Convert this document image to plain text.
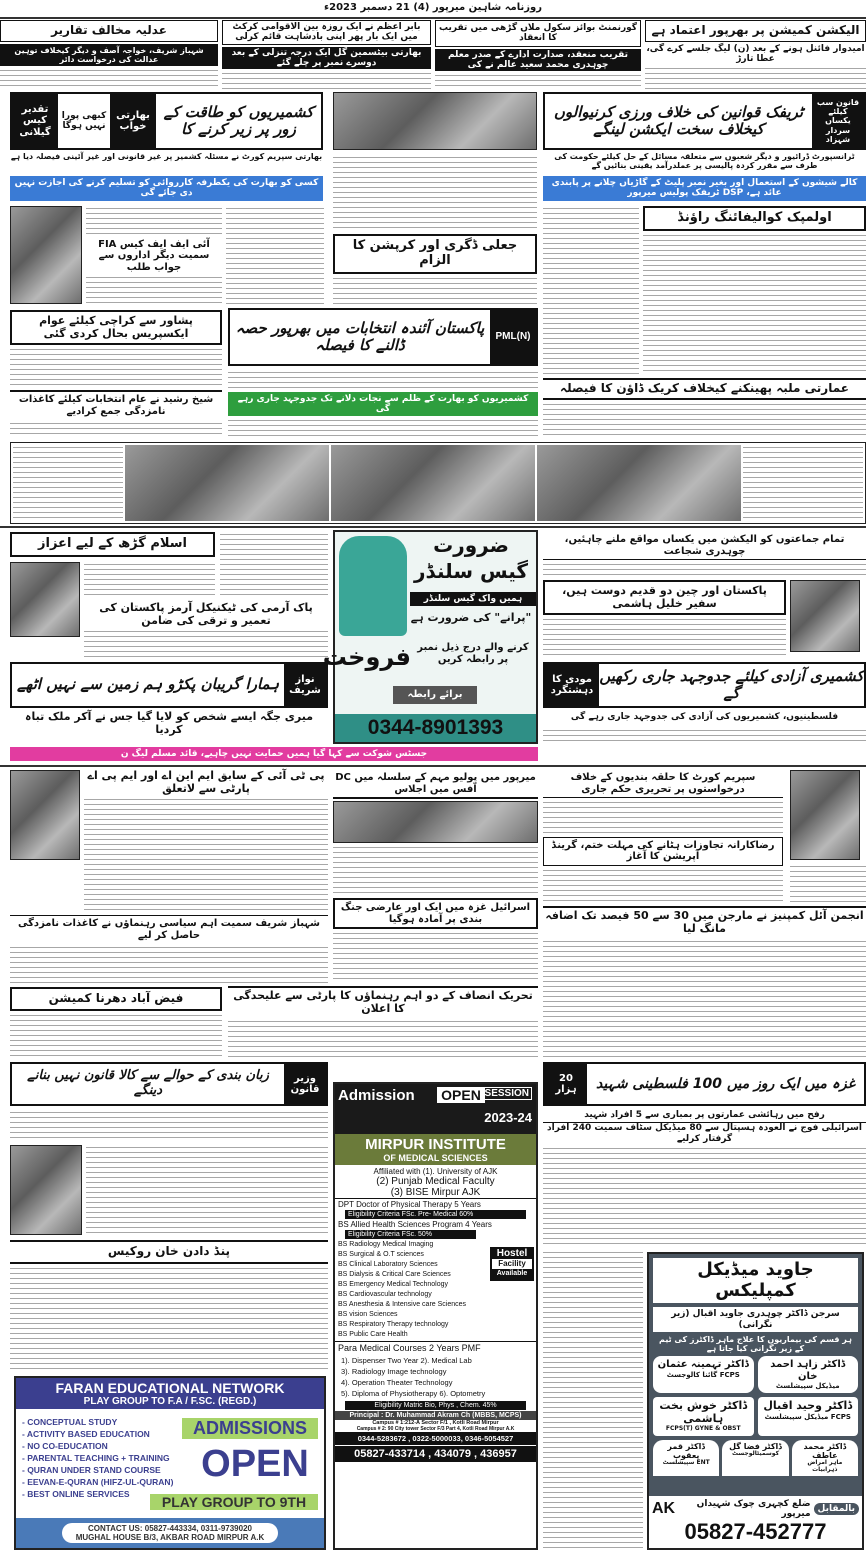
روزنامہ شاہین میرپور (4) 21 دسمبر 2023ء
الیکشن کمیشن پر بھرپور اعتماد ہے
امیدوار فائنل ہونے کے بعد (ن) لیگ جلسے کرے گی، عطا تارڑ
گورنمنٹ بوائز سکول ملاں گڑھی میں تقریب کا انعقاد
تقریب منعقد، صدارت ادارے کے صدر معلم چوہدری محمد سعید عالم نے کی
بابر اعظم نے ایک روزہ بین الاقوامی کرکٹ میں ایک بار پھر اپنی بادشاہت قائم کرلی
بھارتی بیٹسمین گل ایک درجہ تنزلی کے بعد دوسرے نمبر پر چلے گئے
عدلیہ مخالف تقاریر
شہباز شریف، خواجہ آصف و دیگر کیخلاف توہین عدالت کی درخواست دائر
قانون سب کیلئے یکساں
سردار شہزاد
ٹریفک قوانین کی خلاف ورزی کرنیوالوں کیخلاف سخت ایکشن لینگے
کشمیریوں کو طاقت کے زور پر زیر کرنے کا
بھارتی خواب
کبھی پورا نہیں ہوگا
تقدیر کیس گیلانی
ٹرانسپورٹ ڈرائیور و دیگر شعبوں سے متعلقہ مسائل کے حل کیلئے حکومت کی طرف سے مقرر کردہ پالیسی پر عملدرآمد یقینی بنائیں گے
بھارتی سپریم کورٹ نے مسئلہ کشمیر پر غیر قانونی اور غیر آئینی فیصلہ دیا ہے
کالے شیشوں کے استعمال اور بغیر نمبر پلیٹ کے گاڑیاں چلانے پر پابندی عائد ہے، DSP ٹریفک پولیس میرپور
کسی کو بھارت کی یکطرفہ کارروائی کو تسلیم کرنے کی اجازت نہیں دی جائے گی
اولمپک کوالیفائنگ راؤنڈ
عمارتی ملبہ پھینکنے کیخلاف کریک ڈاؤن کا فیصلہ
جعلی ڈگری اور کرپشن کا الزام
PML(N)
پاکستان آئندہ انتخابات میں بھرپور حصہ ڈالنے کا فیصلہ
کشمیریوں کو بھارت کے ظلم سے نجات دلانے تک جدوجہد جاری رہے گی
آئی ایف ایف کیس FIA سمیت دیگر اداروں سے جواب طلب
پشاور سے کراچی کیلئے عوام ایکسپریس بحال کردی گئی
شیخ رشید نے عام انتخابات کیلئے کاغذات نامزدگی جمع کرادیے
اسلام گڑھ کے لیے اعزاز
پاک آرمی کی ٹیکنیکل آرمز پاکستان کی تعمیر و ترقی کی ضامن
ضرورت
گیس سلنڈر
ہمیں واک گیس سلنڈر
"پرانے" کی ضرورت ہے
فروخت کرنے والے درج ذیل نمبر پر رابطہ کریں
برائے رابطہ
0344-8901393
تمام جماعتوں کو الیکشن میں یکساں مواقع ملنے چاہئیں، چوہدری شجاعت
پاکستان اور چین دو قدیم دوست ہیں، سفیر خلیل ہاشمی
نواز شریف
ہمارا گریبان پکڑو ہم زمین سے نہیں اٹھے	کشمیری آزادی کیلئے جدوجہد جاری رکھیں گے
مودی کا دہشتگرد
میری جگہ ایسے شخص کو لایا گیا جس نے آکر ملک تباہ کردیا
فلسطینیوں، کشمیریوں کی آزادی کی جدوجہد جاری رہے گی
جسٹس شوکت سے کہا گیا ہمیں حمایت نہیں چاہیے، قائد مسلم لیگ ن
میرپور میں پولیو مہم کے سلسلہ میں DC آفس میں اجلاس
اسرائیل غزہ میں ایک اور عارضی جنگ بندی پر آمادہ ہوگیا
تحریک انصاف کے دو اہم رہنماؤں کا پارٹی سے علیحدگی کا اعلان
پی ٹی آئی کے سابق ایم این اے اور ایم پی اے پارٹی سے لاتعلق
شہباز شریف سمیت اہم سیاسی رہنماؤں نے کاغذات نامزدگی حاصل کر لیے
فیض آباد دھرنا کمیشن
سپریم کورٹ کا حلقہ بندیوں کے خلاف درخواستوں پر تحریری حکم جاری
رضاکارانہ تجاوزات ہٹانے کی مہلت ختم، گرینڈ آپریشن کا آغاز
انجمن آئل کمپنیز نے مارجن میں 30 سے 50 فیصد تک اضافہ مانگ لیا
وزیر قانون
زبان بندی کے حوالے سے کالا قانون نہیں بنانے دینگے	غزہ میں ایک روز میں 100 فلسطینی شہید
20 ہزار
رفح میں رہائشی عمارتوں پر بمباری سے 5 افراد شہید
اسرائیلی فوج نے العودہ ہسپتال سے 80 میڈیکل سٹاف سمیت 240 افراد گرفتار کرلیے
پنڈ دادن خان روکیس
Admission	SESSION
OPEN
2023-24
MIRPUR INSTITUTE
OF MEDICAL SCIENCES
Affiliated with (1). University of AJK
(2) Punjab Medical Faculty
(3) BISE Mirpur AJK
DPT Doctor of Physical Therapy 5 Years
Eligibility Criteria FSc. Pre- Medical 60%
BS Allied Health Sciences Program 4 Years
Eligibility Criteria FSc. 50%
BS Radiology Medical Imaging
BS Surgical & O.T sciences
BS Clinical Laboratory Sciences
BS Dialysis & Critical Care Sciences
BS Emergency Medical Technology
BS Cardiovascular technology
BS Anesthesia & Intensive care Sciences
BS vision Sciences
BS Respiratory Therapy technology
BS Public Care Health
Hostel
Facility
Available
Para Medical Courses 2 Years PMF
1). Dispenser Two Year 2). Medical Lab
3). Radiology Image technology
4). Operation Theater Technology
5). Diploma of Physiotherapy 6). Optometry
Eligibility Matric Bio, Phys , Chem. 45%
Principal : Dr. Muhammad Akram Ch (MBBS, MCPS)
Campus # 1:212-A Sector F/1 , Kotli Road Mirpur
Campus # 2: 90 City tower Sector F/3 Part 4, Kotli Road Mirpur A.K
0344-5283672 , 0322-5000033, 0346-5054527
05827-433714 , 434079 , 436957
FARAN EDUCATIONAL NETWORK
PLAY GROUP TO F.A / F.SC. (REGD.)
- CONCEPTUAL STUDY
- ACTIVITY BASED EDUCATION
- NO CO-EDUCATION
- PARENTAL TEACHING + TRAINING
- QURAN UNDER STAND COURSE
- EEVAN-E-QURAN (HIFZ-UL-QURAN)
- BEST ONLINE SERVICES
ADMISSIONS
OPEN
PLAY GROUP TO 9TH
CONTACT US: 05827-443334, 0311-9739020
MUGHAL HOUSE B/3, AKBAR ROAD MIRPUR A.K
جاوید میڈیکل کمپلیکس
سرجن ڈاکٹر چوہدری جاوید اقبال (زیر نگرانی)
ہر قسم کی بیماریوں کا علاج ماہر ڈاکٹرز کی ٹیم کے زیر نگرانی کیا جاتا ہے
ڈاکٹر زاہد احمد خان
میڈیکل سپیشلسٹ
ڈاکٹر تہمینہ عثمان
FCPS گائنا کالوجسٹ
ڈاکٹر وحید اقبال
FCPS میڈیکل سپیشلسٹ
ڈاکٹر خوش بخت ہاشمی
FCPS(T) GYNE & OBST
ڈاکٹر محمد عاطف
ماہر امراض ذہرابیات
ڈاکٹر فضا گل
کوسمیٹالوجسٹ
ڈاکٹر قمر یعقوب
ENT سپیشلسٹ
بالمقابل
ضلع کچہری چوک شہیداں میرپور
AK
05827-452777
